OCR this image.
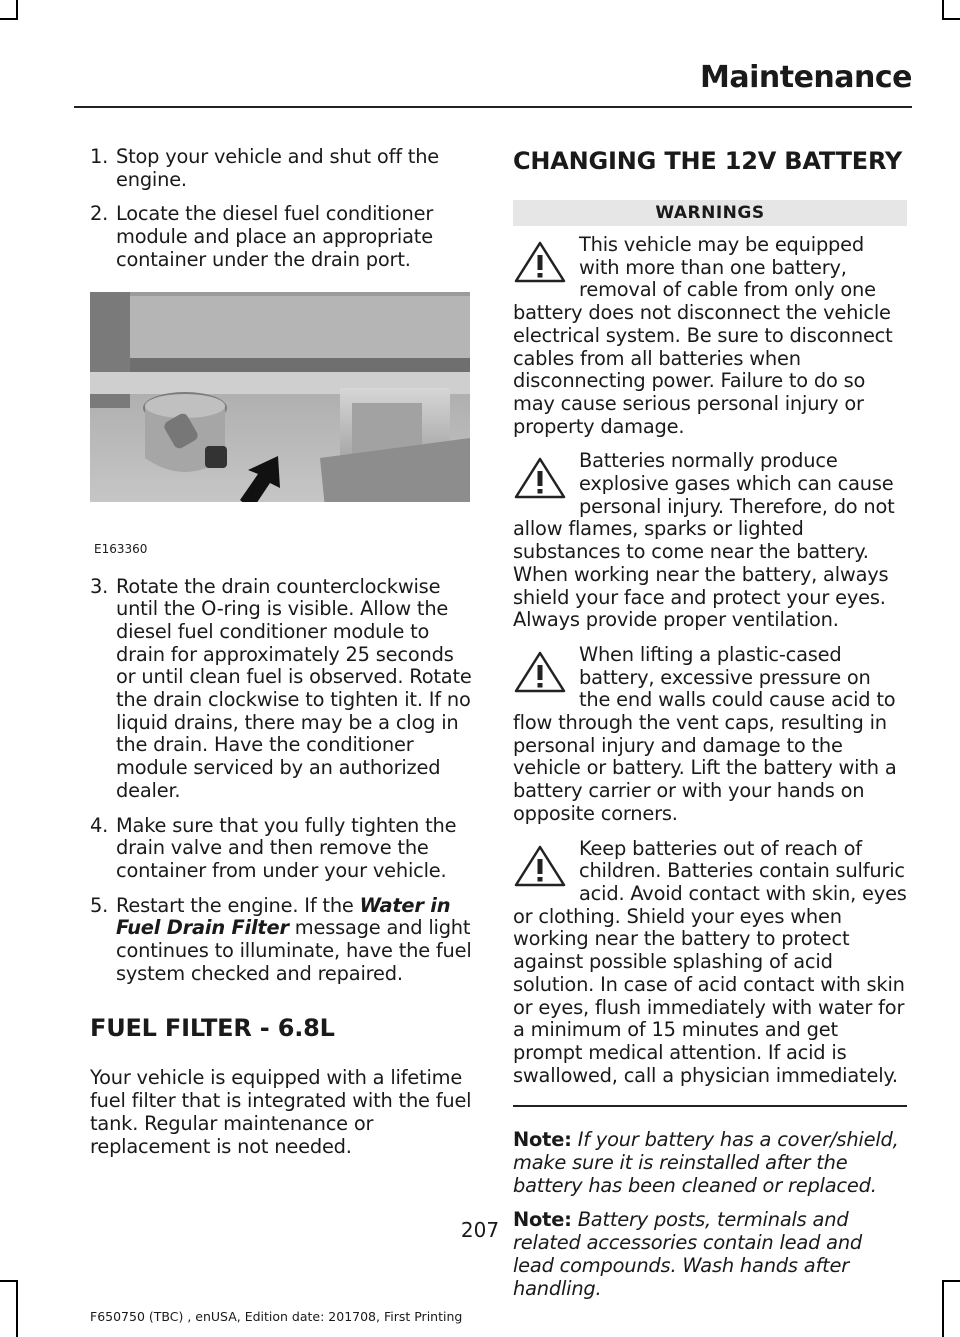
Maintenance
1. Stop your vehicle and shut off the engine.
2. Locate the diesel fuel conditioner module and place an appropriate container under the drain port.
E163360
3. Rotate the drain counterclockwise until the O-ring is visible. Allow the diesel fuel conditioner module to drain for approximately 25 seconds or until clean fuel is observed. Rotate the drain clockwise to tighten it. If no liquid drains, there may be a clog in the drain. Have the conditioner module serviced by an authorized dealer.
4. Make sure that you fully tighten the drain valve and then remove the container from under your vehicle.
5. Restart the engine. If the Water in Fuel Drain Filter message and light continues to illuminate, have the fuel system checked and repaired.
FUEL FILTER - 6.8L

Your vehicle is equipped with a lifetime fuel filter that is integrated with the fuel tank. Regular maintenance or replacement is not needed.

CHANGING THE 12V BATTERY
WARNINGS
This vehicle may be equipped with more than one battery, removal of cable from only one battery does not disconnect the vehicle electrical system. Be sure to disconnect cables from all batteries when disconnecting power. Failure to do so may cause serious personal injury or property damage.
Batteries normally produce explosive gases which can cause personal injury. Therefore, do not allow flames, sparks or lighted substances to come near the battery. When working near the battery, always shield your face and protect your eyes. Always provide proper ventilation.
When lifting a plastic-cased battery, excessive pressure on the end walls could cause acid to flow through the vent caps, resulting in personal injury and damage to the vehicle or battery. Lift the battery with a battery carrier or with your hands on opposite corners.
Keep batteries out of reach of children. Batteries contain sulfuric acid. Avoid contact with skin, eyes or clothing. Shield your eyes when working near the battery to protect against possible splashing of acid solution. In case of acid contact with skin or eyes, flush immediately with water for a minimum of 15 minutes and get prompt medical attention. If acid is swallowed, call a physician immediately.

Note: If your battery has a cover/shield, make sure it is reinstalled after the battery has been cleaned or replaced.

Note: Battery posts, terminals and related accessories contain lead and lead compounds. Wash hands after handling.

207
F650750 (TBC) , enUSA, Edition date: 201708, First Printing
